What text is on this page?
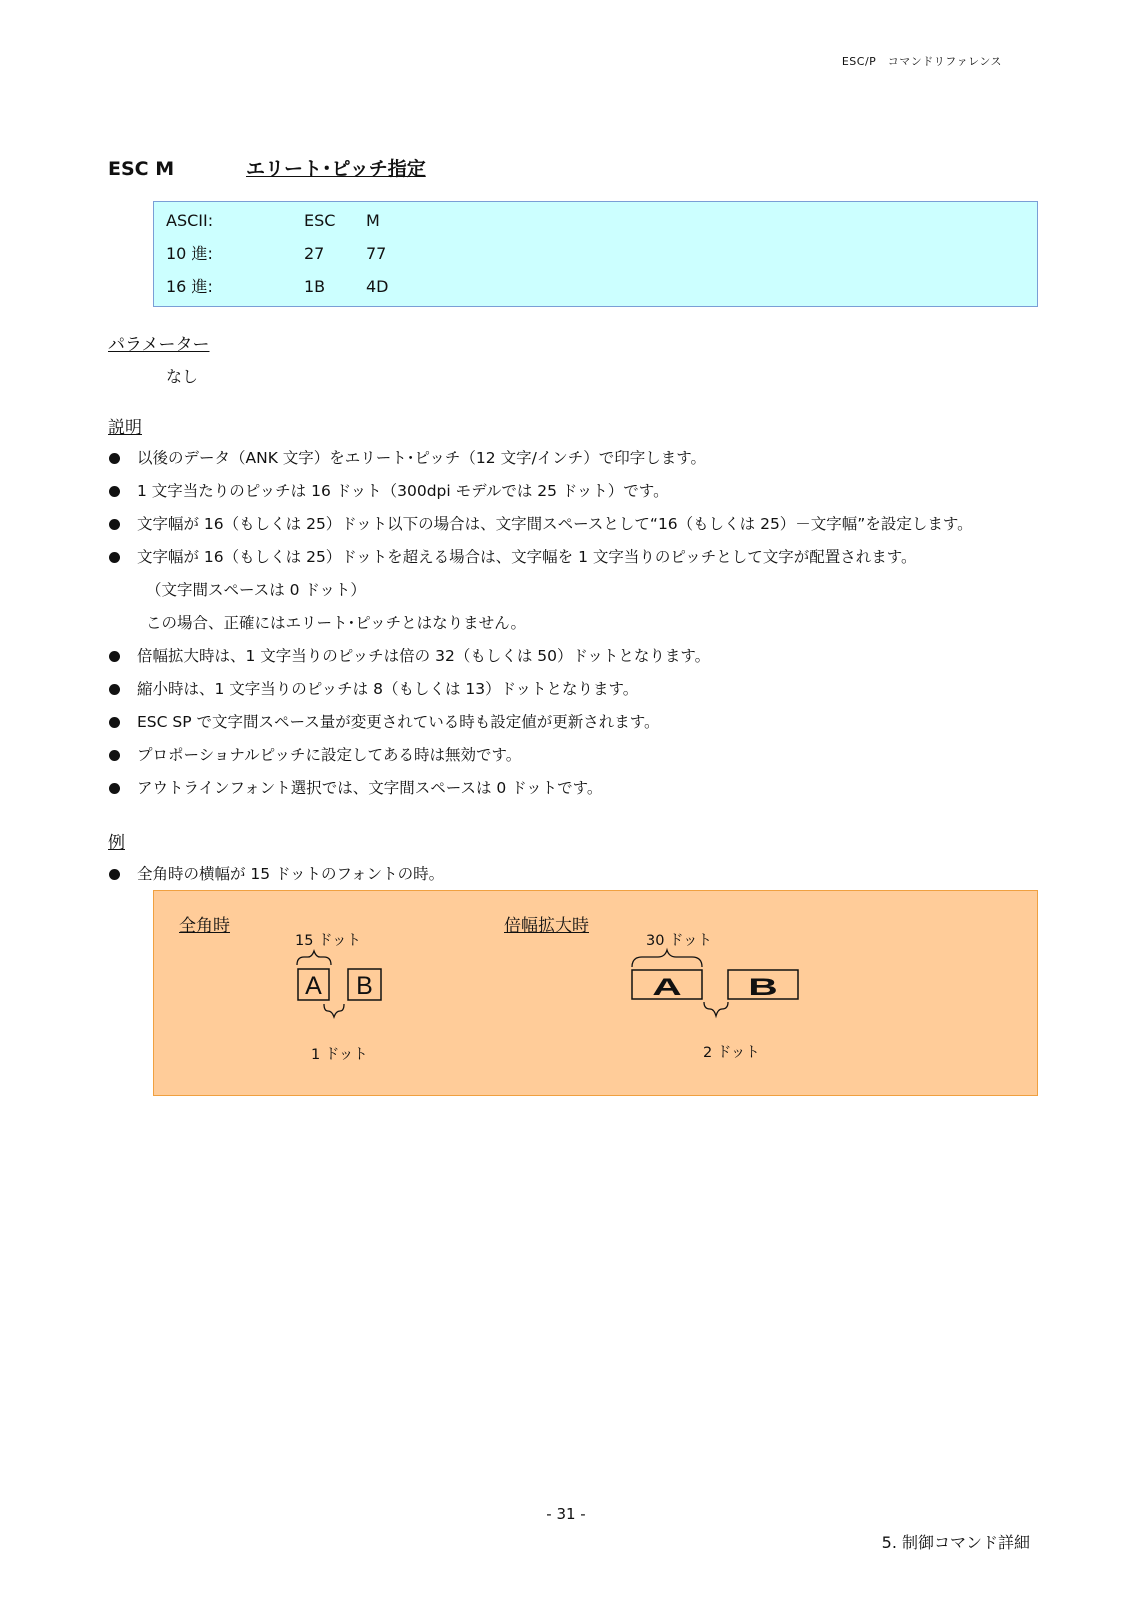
ESC/P　コマンドリファレンス
ESC M	エリート･ピッチ指定
ASCII:	ESC M
10 進:	27	77
16 進:	1B	4D
パラメーター
なし
説明
以後のデータ（ANK 文字）をエリート･ピッチ（12 文字/インチ）で印字します。
1 文字当たりのピッチは 16 ドット（300dpi モデルでは 25 ドット）です。
文字幅が 16（もしくは 25）ドット以下の場合は、文字間スペースとして“16（もしくは 25）－文字幅”を設定します。
文字幅が 16（もしくは 25）ドットを超える場合は、文字幅を 1 文字当りのピッチとして文字が配置されます。
（文字間スペースは 0 ドット）
この場合、正確にはエリート･ピッチとはなりません。
倍幅拡大時は、1 文字当りのピッチは倍の 32（もしくは 50）ドットとなります。
縮小時は、1 文字当りのピッチは 8（もしくは 13）ドットとなります。
ESC SP で文字間スペース量が変更されている時も設定値が更新されます。
プロポーショナルピッチに設定してある時は無効です。
アウトラインフォント選択では、文字間スペースは 0 ドットです。
例
全角時の横幅が 15 ドットのフォントの時。
全角時
15 ドット
1 ドット
倍幅拡大時
30 ドット
2 ドット
A B	A	B
- 31 -
5. 制御コマンド詳細
